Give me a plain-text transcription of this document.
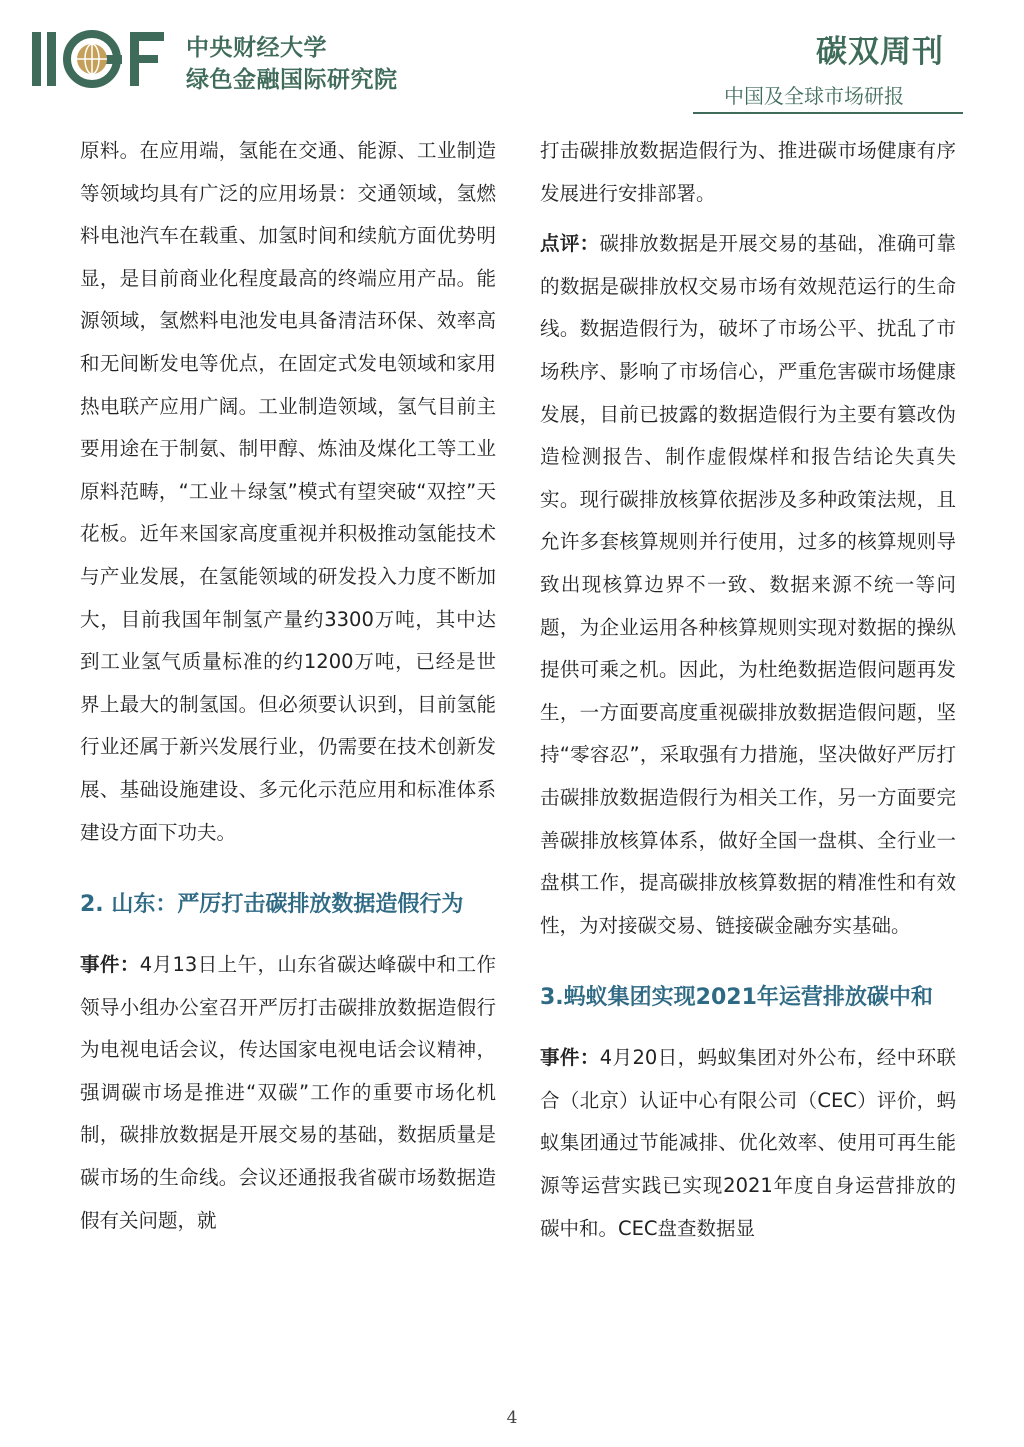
中央财经大学
绿色金融国际研究院
碳双周刊
中国及全球市场研报

原料。在应用端，氢能在交通、能源、工业制造等领域均具有广泛的应用场景：交通领域，氢燃料电池汽车在载重、加氢时间和续航方面优势明显，是目前商业化程度最高的终端应用产品。能源领域，氢燃料电池发电具备清洁环保、效率高和无间断发电等优点，在固定式发电领域和家用热电联产应用广阔。工业制造领域，氢气目前主要用途在于制氨、制甲醇、炼油及煤化工等工业原料范畴，“工业＋绿氢”模式有望突破“双控”天花板。近年来国家高度重视并积极推动氢能技术与产业发展，在氢能领域的研发投入力度不断加大，目前我国年制氢产量约3300万吨，其中达到工业氢气质量标准的约1200万吨，已经是世界上最大的制氢国。但必须要认识到，目前氢能行业还属于新兴发展行业，仍需要在技术创新发展、基础设施建设、多元化示范应用和标准体系建设方面下功夫。

2. 山东：严厉打击碳排放数据造假行为

事件：4月13日上午，山东省碳达峰碳中和工作领导小组办公室召开严厉打击碳排放数据造假行为电视电话会议，传达国家电视电话会议精神，强调碳市场是推进“双碳”工作的重要市场化机制，碳排放数据是开展交易的基础，数据质量是碳市场的生命线。会议还通报我省碳市场数据造假有关问题，就

打击碳排放数据造假行为、推进碳市场健康有序发展进行安排部署。

点评：碳排放数据是开展交易的基础，准确可靠的数据是碳排放权交易市场有效规范运行的生命线。数据造假行为，破坏了市场公平、扰乱了市场秩序、影响了市场信心，严重危害碳市场健康发展，目前已披露的数据造假行为主要有篡改伪造检测报告、制作虚假煤样和报告结论失真失实。现行碳排放核算依据涉及多种政策法规，且允许多套核算规则并行使用，过多的核算规则导致出现核算边界不一致、数据来源不统一等问题，为企业运用各种核算规则实现对数据的操纵提供可乘之机。因此，为杜绝数据造假问题再发生，一方面要高度重视碳排放数据造假问题，坚持“零容忍”，采取强有力措施，坚决做好严厉打击碳排放数据造假行为相关工作，另一方面要完善碳排放核算体系，做好全国一盘棋、全行业一盘棋工作，提高碳排放核算数据的精准性和有效性，为对接碳交易、链接碳金融夯实基础。

3.蚂蚁集团实现2021年运营排放碳中和

事件：4月20日，蚂蚁集团对外公布，经中环联合（北京）认证中心有限公司（CEC）评价，蚂蚁集团通过节能减排、优化效率、使用可再生能源等运营实践已实现2021年度自身运营排放的碳中和。CEC盘查数据显

4
